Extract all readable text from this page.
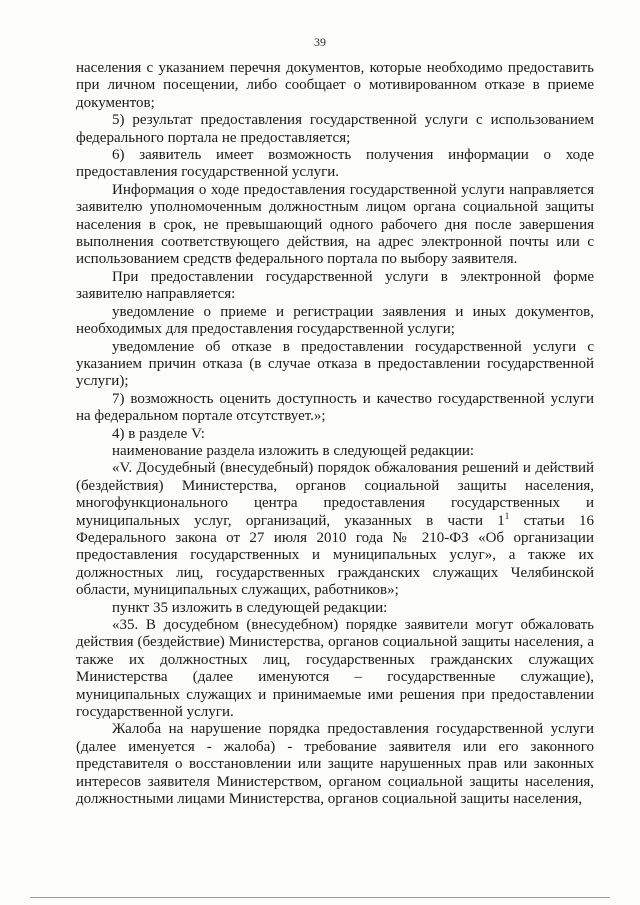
39

населения с указанием перечня документов, которые необходимо предоставить при личном посещении, либо сообщает о мотивированном отказе в приеме документов;

5) результат предоставления государственной услуги с использованием федерального портала не предоставляется;

6) заявитель имеет возможность получения информации о ходе предоставления государственной услуги.

Информация о ходе предоставления государственной услуги направляется заявителю уполномоченным должностным лицом органа социальной защиты населения в срок, не превышающий одного рабочего дня после завершения выполнения соответствующего действия, на адрес электронной почты или с использованием средств федерального портала по выбору заявителя.

При предоставлении государственной услуги в электронной форме заявителю направляется:

уведомление о приеме и регистрации заявления и иных документов, необходимых для предоставления государственной услуги;

уведомление об отказе в предоставлении государственной услуги с указанием причин отказа (в случае отказа в предоставлении государственной услуги);

7) возможность оценить доступность и качество государственной услуги на федеральном портале отсутствует.»;

4) в разделе V:

наименование раздела изложить в следующей редакции:

«V. Досудебный (внесудебный) порядок обжалования решений и действий (бездействия) Министерства, органов социальной защиты населения, многофункционального центра предоставления государственных и муниципальных услуг, организаций, указанных в части $1^1$ статьи 16 Федерального закона от 27 июля 2010 года № 210-ФЗ «Об организации предоставления государственных и муниципальных услуг», а также их должностных лиц, государственных гражданских служащих Челябинской области, муниципальных служащих, работников»;

пункт 35 изложить в следующей редакции:

«35. В досудебном (внесудебном) порядке заявители могут обжаловать действия (бездействие) Министерства, органов социальной защиты населения, а также их должностных лиц, государственных гражданских служащих Министерства (далее именуются – государственные служащие), муниципальных служащих и принимаемые ими решения при предоставлении государственной услуги.

Жалоба на нарушение порядка предоставления государственной услуги (далее именуется - жалоба) - требование заявителя или его законного представителя о восстановлении или защите нарушенных прав или законных интересов заявителя Министерством, органом социальной защиты населения, должностными лицами Министерства, органов социальной защиты населения,
